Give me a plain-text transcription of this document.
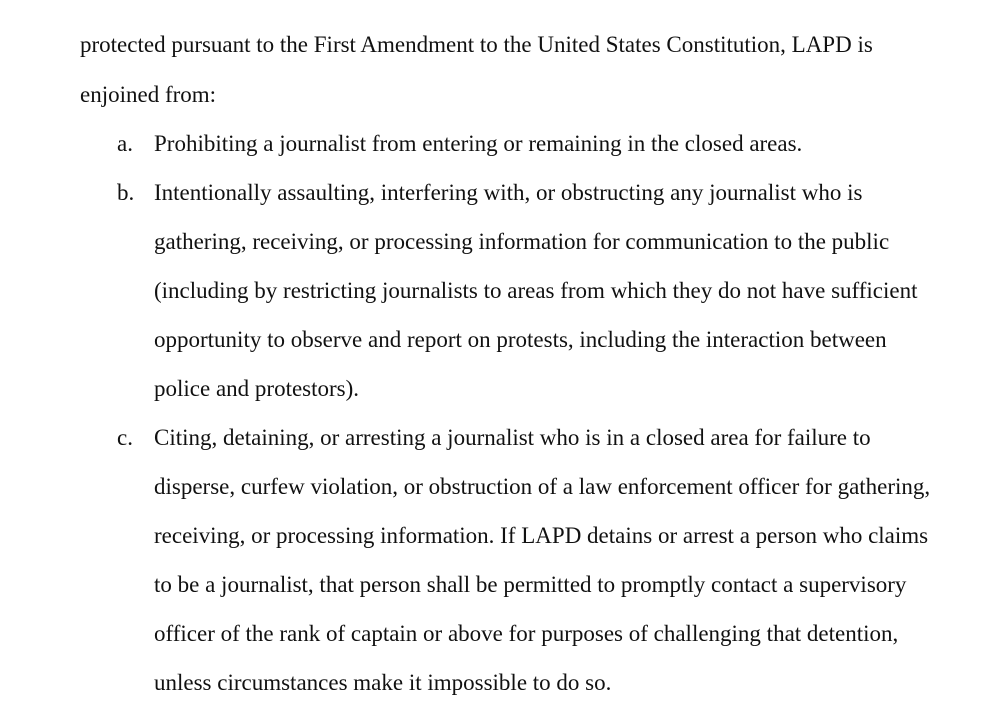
protected pursuant to the First Amendment to the United States Constitution, LAPD is
enjoined from:
a. Prohibiting a journalist from entering or remaining in the closed areas.
b. Intentionally assaulting, interfering with, or obstructing any journalist who is
gathering, receiving, or processing information for communication to the public
(including by restricting journalists to areas from which they do not have sufficient
opportunity to observe and report on protests, including the interaction between
police and protestors).
c. Citing, detaining, or arresting a journalist who is in a closed area for failure to
disperse, curfew violation, or obstruction of a law enforcement officer for gathering,
receiving, or processing information. If LAPD detains or arrest a person who claims
to be a journalist, that person shall be permitted to promptly contact a supervisory
officer of the rank of captain or above for purposes of challenging that detention,
unless circumstances make it impossible to do so.
